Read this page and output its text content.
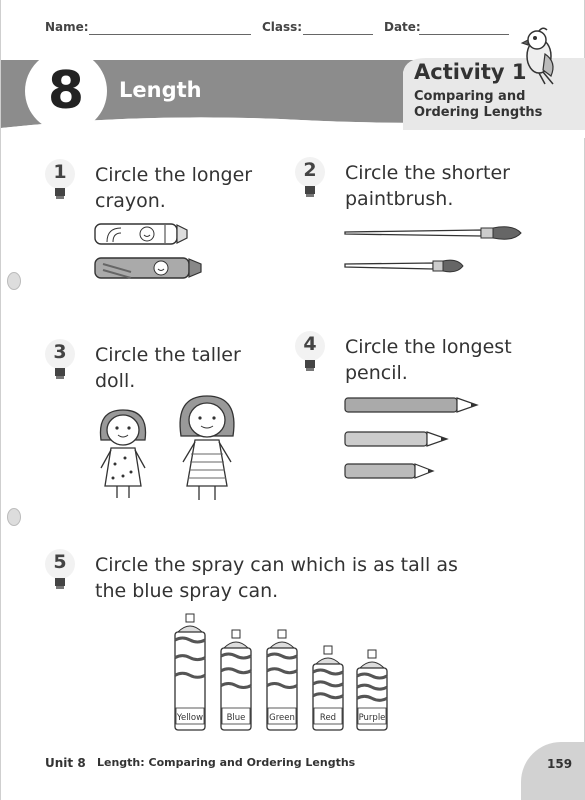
Name:	Class:	Date:
8	Length
Activity 1
Comparing and
Ordering Lengths
1	Circle the longer
crayon.
2	Circle the shorter
paintbrush.
3	Circle the taller
doll.
4	Circle the longest
pencil.
5	Circle the spray can which is as tall as
the blue spray can.
Yellow	Blue	Green	Red	Purple
Unit 8 Length: Comparing and Ordering Lengths	159
